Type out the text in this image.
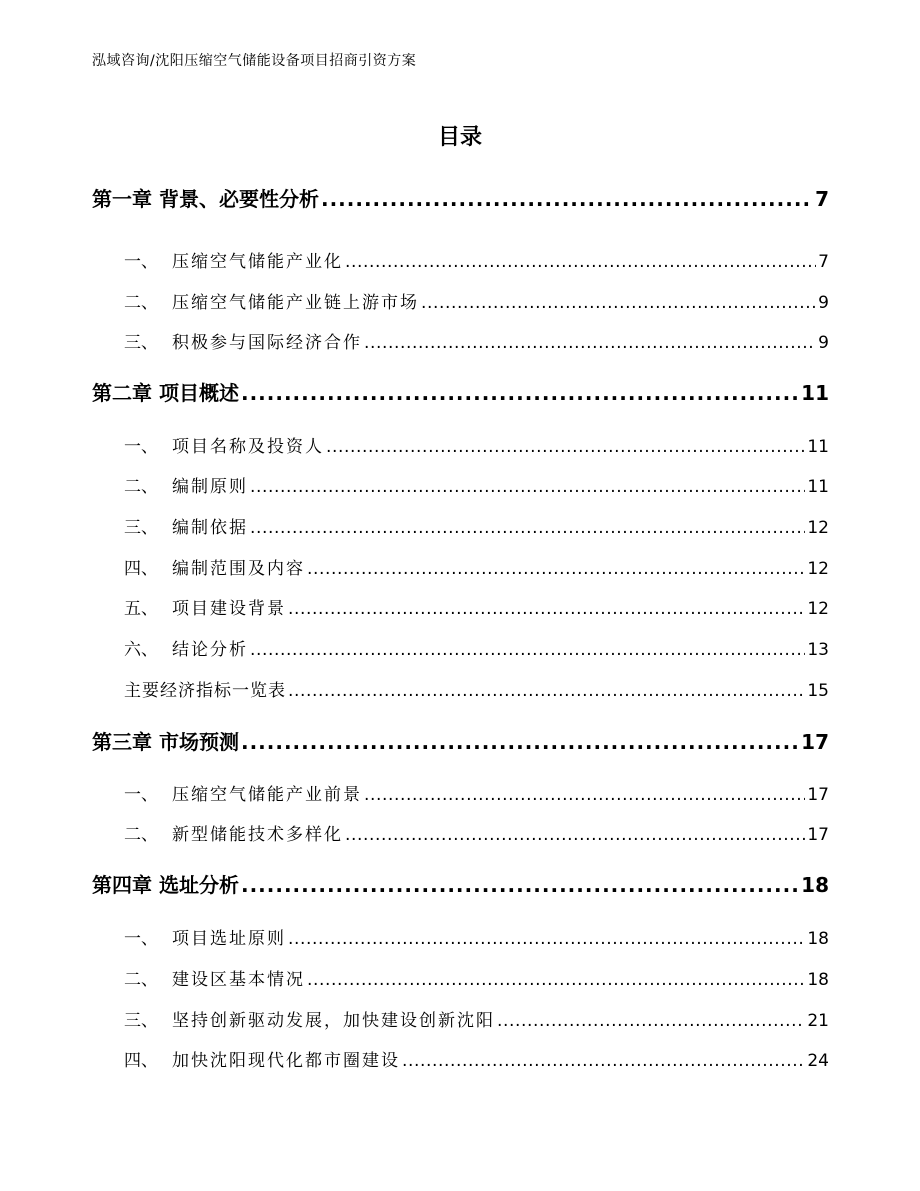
泓域咨询/沈阳压缩空气储能设备项目招商引资方案
目录
第一章 背景、必要性分析 .....	7
一、 压缩空气储能产业化 .....	7
二、 压缩空气储能产业链上游市场 .....	9
三、 积极参与国际经济合作 .....	9
第二章 项目概述 .....	11
一、 项目名称及投资人 .....	11
二、 编制原则 .....	11
三、 编制依据 .....	12
四、 编制范围及内容 .....	12
五、 项目建设背景 .....	12
六、 结论分析 .....	13
主要经济指标一览表 .....	15
第三章 市场预测 .....	17
一、 压缩空气储能产业前景 .....	17
二、 新型储能技术多样化 .....	17
第四章 选址分析 .....	18
一、 项目选址原则 .....	18
二、 建设区基本情况 .....	18
三、 坚持创新驱动发展，加快建设创新沈阳 .....	21
四、 加快沈阳现代化都市圈建设 .....	24
